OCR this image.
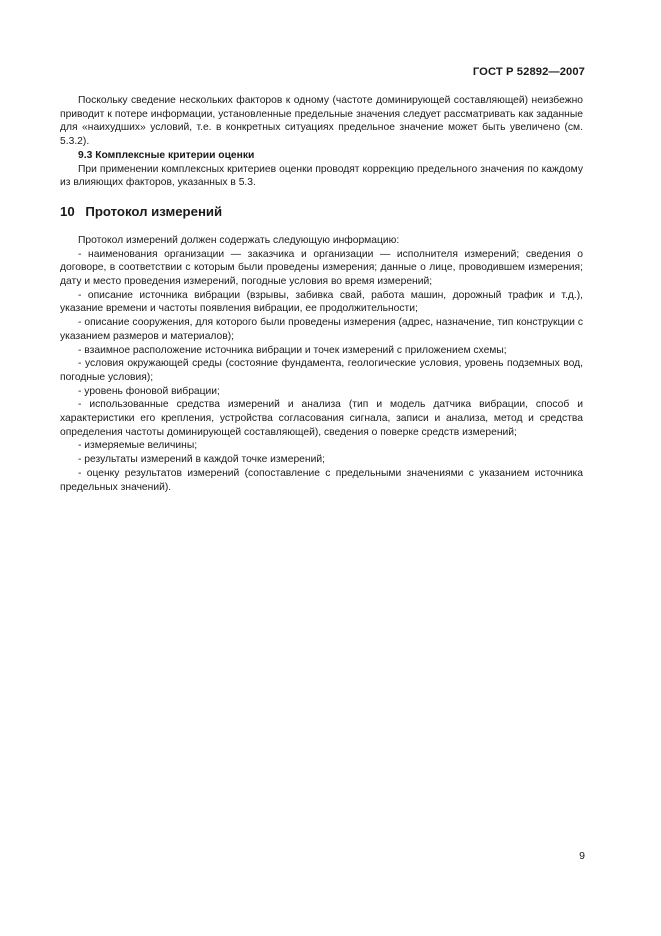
ГОСТ Р 52892—2007

Поскольку сведение нескольких факторов к одному (частоте доминирующей составляющей) неизбежно приводит к потере информации, установленные предельные значения следует рассматривать как заданные для «наихудших» условий, т.е. в конкретных ситуациях предельное значение может быть увеличено (см. 5.3.2).

9.3 Комплексные критерии оценки

При применении комплексных критериев оценки проводят коррекцию предельного значения по каждому из влияющих факторов, указанных в 5.3.

10 Протокол измерений

Протокол измерений должен содержать следующую информацию:

- наименования организации — заказчика и организации — исполнителя измерений; сведения о договоре, в соответствии с которым были проведены измерения; данные о лице, проводившем измерения; дату и место проведения измерений, погодные условия во время измерений;

- описание источника вибрации (взрывы, забивка свай, работа машин, дорожный трафик и т.д.), указание времени и частоты появления вибрации, ее продолжительности;

- описание сооружения, для которого были проведены измерения (адрес, назначение, тип конструкции с указанием размеров и материалов);

- взаимное расположение источника вибрации и точек измерений с приложением схемы;

- условия окружающей среды (состояние фундамента, геологические условия, уровень подземных вод, погодные условия);

- уровень фоновой вибрации;

- использованные средства измерений и анализа (тип и модель датчика вибрации, способ и характеристики его крепления, устройства согласования сигнала, записи и анализа, метод и средства определения частоты доминирующей составляющей), сведения о поверке средств измерений;

- измеряемые величины;

- результаты измерений в каждой точке измерений;

- оценку результатов измерений (сопоставление с предельными значениями с указанием источника предельных значений).

9
